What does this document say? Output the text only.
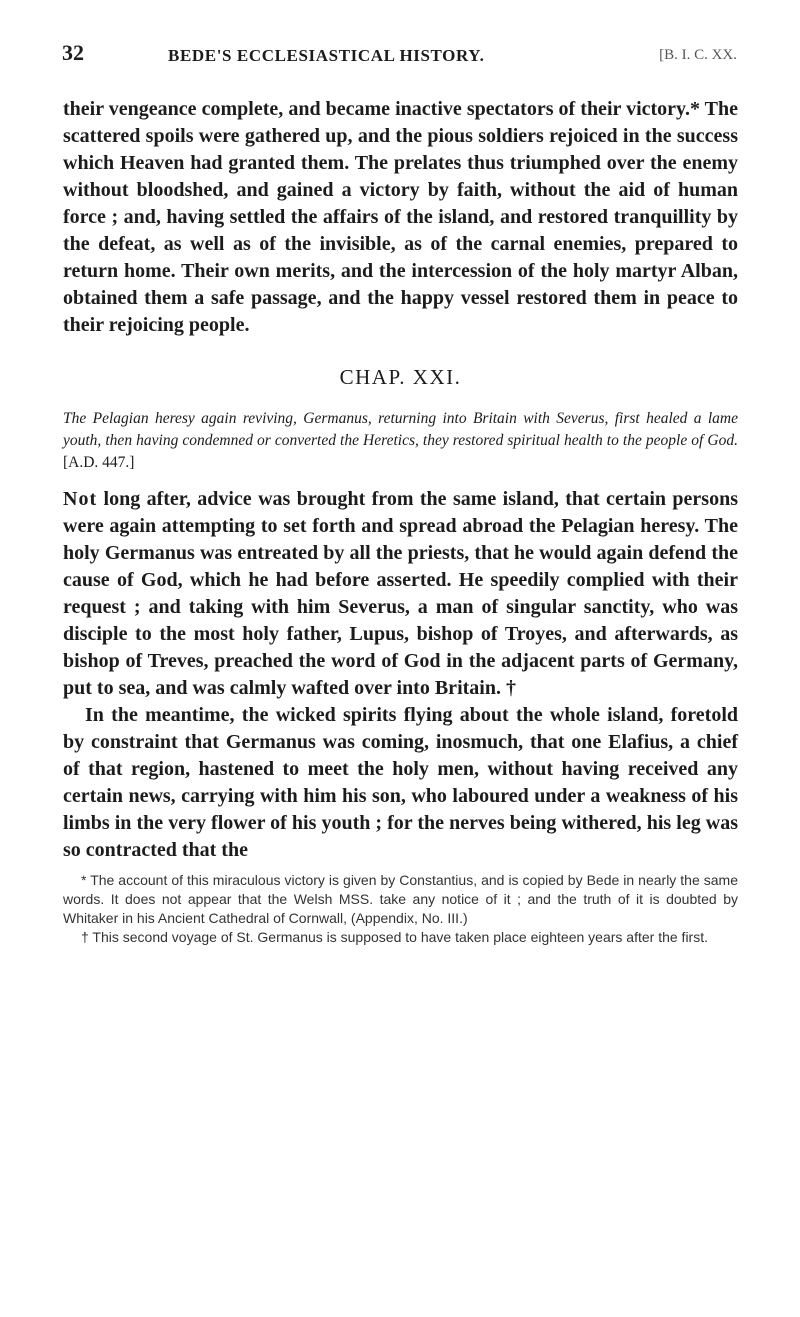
32	BEDE'S ECCLESIASTICAL HISTORY.	[B. I. C. XX.

their vengeance complete, and became inactive spectators of their victory.* The scattered spoils were gathered up, and the pious soldiers rejoiced in the success which Heaven had granted them. The prelates thus triumphed over the enemy without bloodshed, and gained a victory by faith, without the aid of human force ; and, having settled the affairs of the island, and restored tranquillity by the defeat, as well as of the invisible, as of the carnal enemies, prepared to return home. Their own merits, and the intercession of the holy martyr Alban, obtained them a safe passage, and the happy vessel restored them in peace to their rejoicing people.

CHAP. XXI.

The Pelagian heresy again reviving, Germanus, returning into Britain with Severus, first healed a lame youth, then having condemned or converted the Heretics, they restored spiritual health to the people of God. [A.D. 447.]

Not long after, advice was brought from the same island, that certain persons were again attempting to set forth and spread abroad the Pelagian heresy. The holy Germanus was entreated by all the priests, that he would again defend the cause of God, which he had before asserted. He speedily complied with their request ; and taking with him Severus, a man of singular sanctity, who was disciple to the most holy father, Lupus, bishop of Troyes, and afterwards, as bishop of Treves, preached the word of God in the adjacent parts of Germany, put to sea, and was calmly wafted over into Britain. †

In the meantime, the wicked spirits flying about the whole island, foretold by constraint that Germanus was coming, inosmuch, that one Elafius, a chief of that region, hastened to meet the holy men, without having received any certain news, carrying with him his son, who laboured under a weakness of his limbs in the very flower of his youth ; for the nerves being withered, his leg was so contracted that the

* The account of this miraculous victory is given by Constantius, and is copied by Bede in nearly the same words. It does not appear that the Welsh MSS. take any notice of it ; and the truth of it is doubted by Whitaker in his Ancient Cathedral of Cornwall, (Appendix, No. III.)

† This second voyage of St. Germanus is supposed to have taken place eighteen years after the first.
